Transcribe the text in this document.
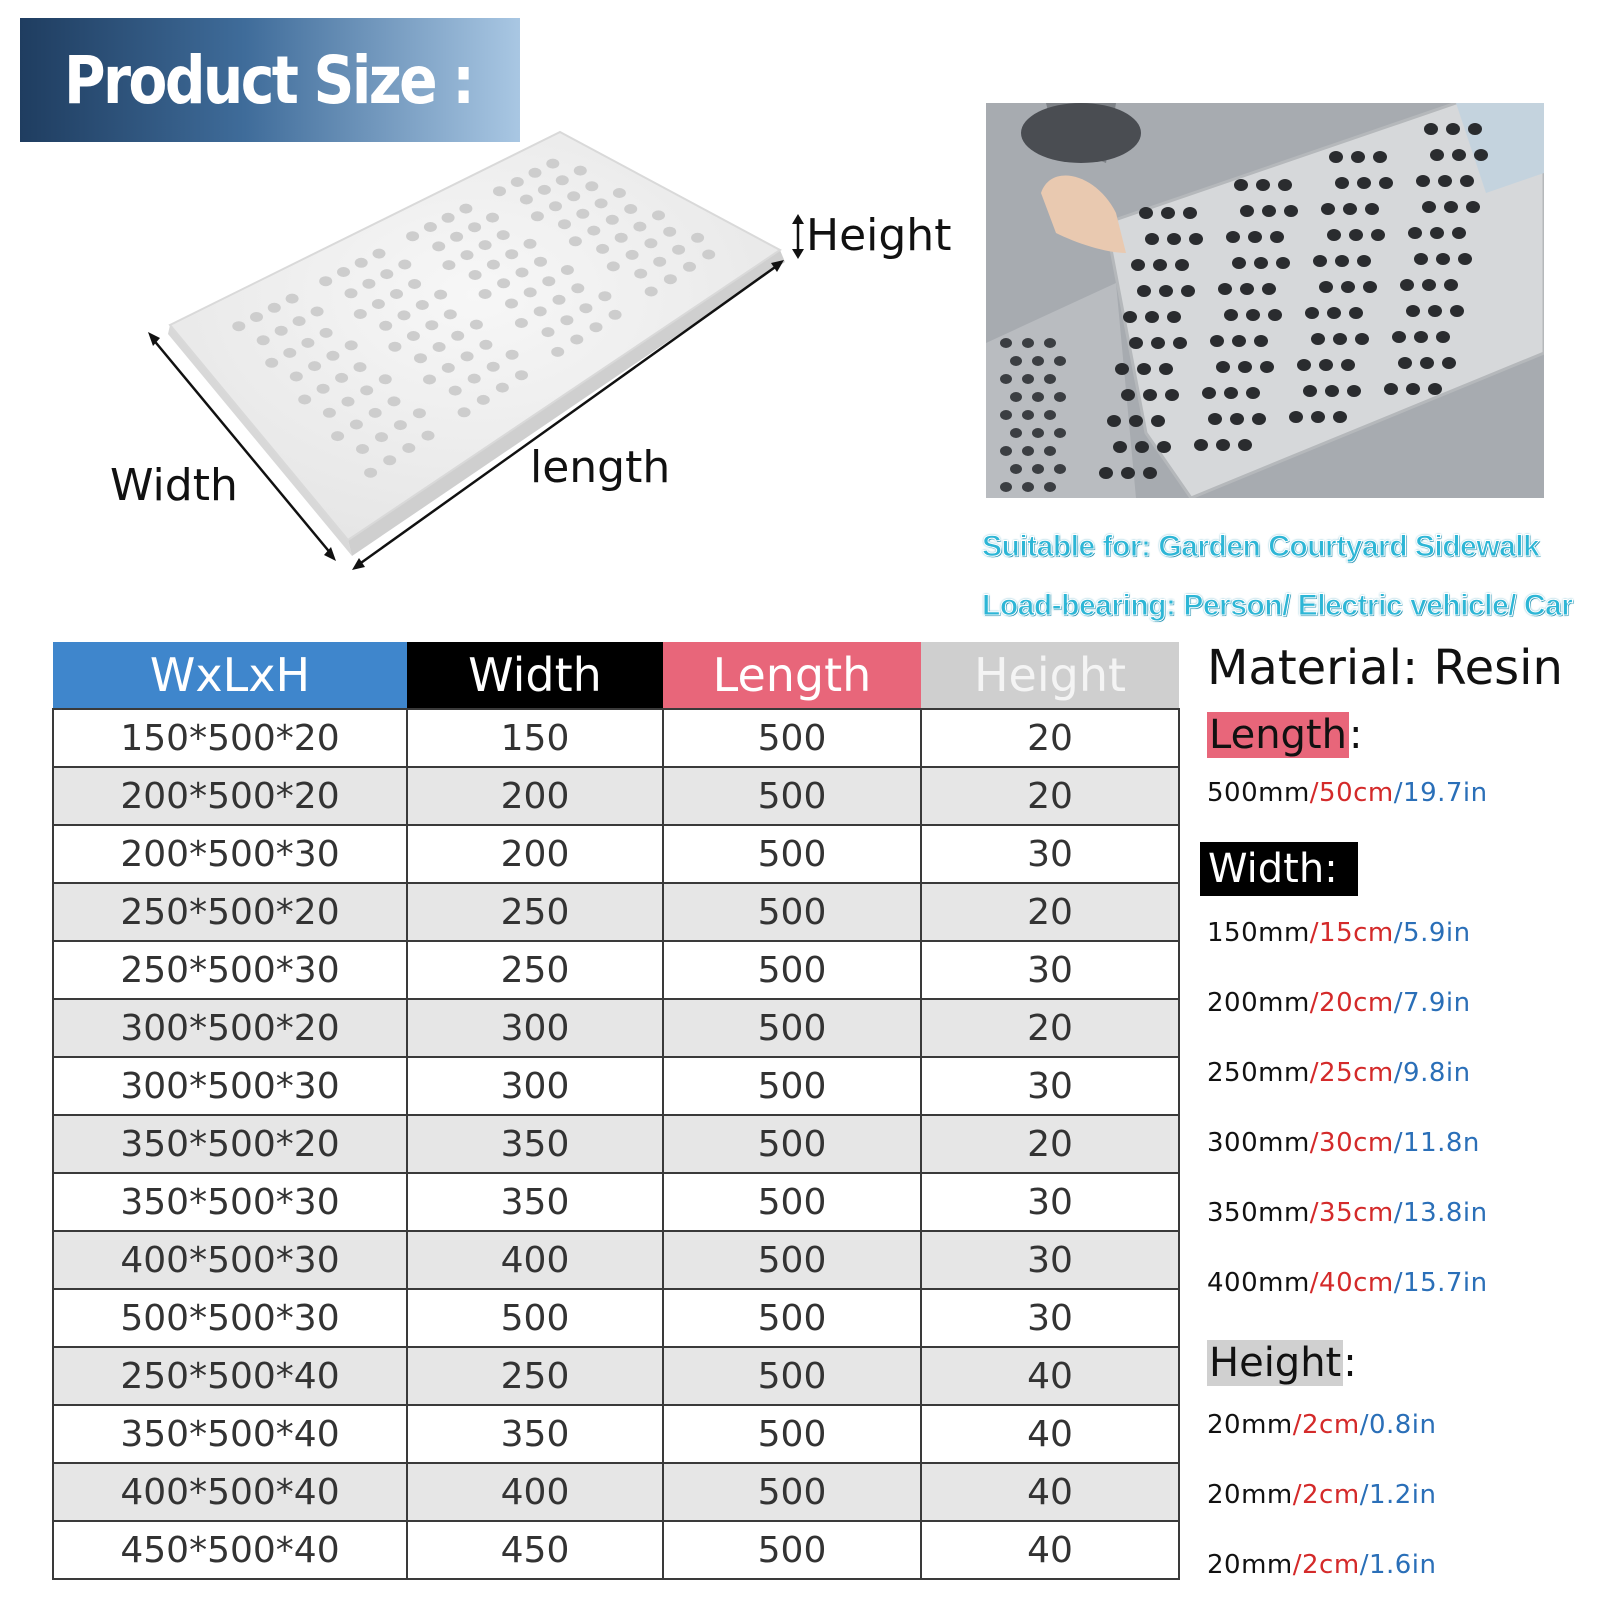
Product Size :
Height
Width	length
Suitable for: Garden Courtyard Sidewalk
Load-bearing: Person/ Electric vehicle/ Car
WxLxH	Width	Length	Height
150*500*20	150	500	20
200*500*20	200	500	20
200*500*30	200	500	30
250*500*20	250	500	20
250*500*30	250	500	30
300*500*20	300	500	20
300*500*30	300	500	30
350*500*20	350	500	20
350*500*30	350	500	30
400*500*30	400	500	30
500*500*30	500	500	30
250*500*40	250	500	40
350*500*40	350	500	40
400*500*40	400	500	40
450*500*40	450	500	40
Material: Resin
Length:
500mm/50cm/19.7in
Width:
150mm/15cm/5.9in
200mm/20cm/7.9in
250mm/25cm/9.8in
300mm/30cm/11.8n
350mm/35cm/13.8in
400mm/40cm/15.7in
Height:
20mm/2cm/0.8in
20mm/2cm/1.2in
20mm/2cm/1.6in
